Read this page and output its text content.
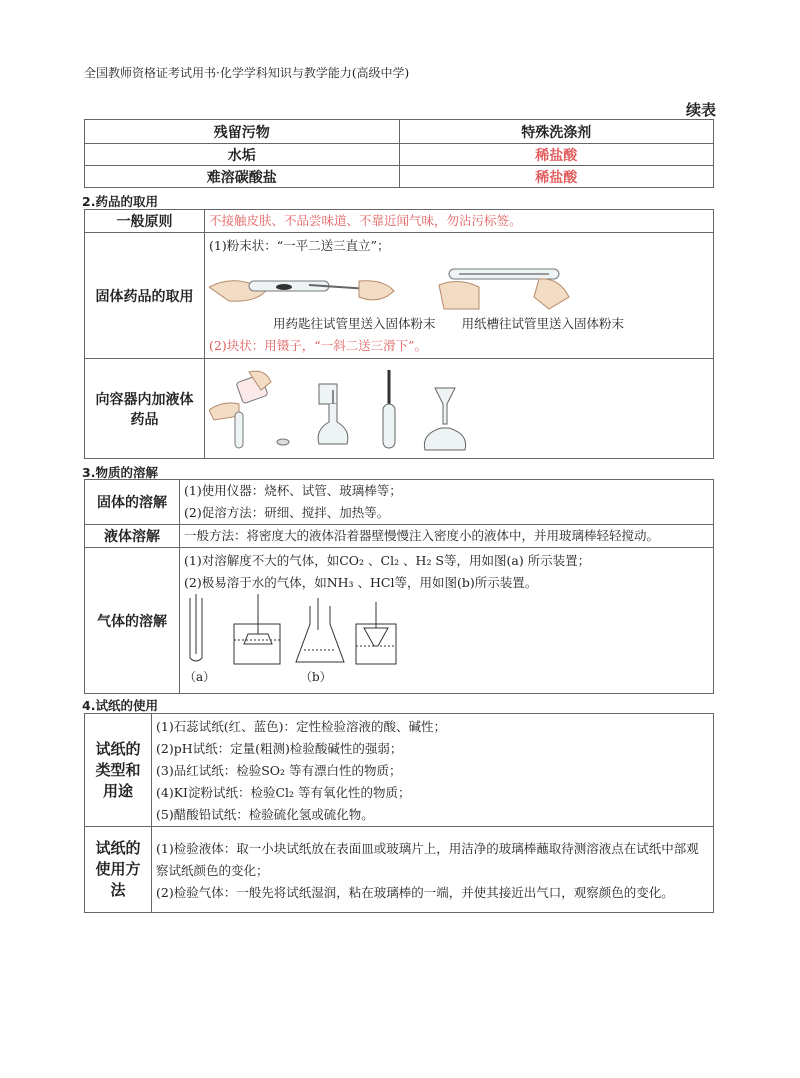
全国教师资格证考试用书·化学学科知识与教学能力(高级中学)
续表
残留污物	特殊洗涤剂
水垢	稀盐酸
难溶碳酸盐	稀盐酸
2.药品的取用
一般原则	不接触皮肤、不品尝味道、不靠近闻气味，勿沾污标签。
固体药品的取用	(1)粉末状：“一平二送三直立”；
用药匙往试管里送入固体粉末 用纸槽往试管里送入固体粉末
(2)块状：用镊子，“一斜二送三滑下”。

向容器内加液体药品	
3.物质的溶解
固体的溶解	(1)使用仪器：烧杯、试管、玻璃棒等；
(2)促溶方法：研细、搅拌、加热等。

液体溶解	一般方法：将密度大的液体沿着器壁慢慢注入密度小的液体中，并用玻璃棒轻轻搅动。
气体的溶解	(1)对溶解度不大的气体，如CO₂ 、Cl₂ 、H₂ S等，用如图(a) 所示装置；
(2)极易溶于水的气体，如NH₃ 、HCl等，用如图(b)所示装置。
（a） （b）
4.试纸的使用
试纸的类型和用途	(1)石蕊试纸(红、蓝色)：定性检验溶液的酸、碱性；
(2)pH试纸：定量(粗测)检验酸碱性的强弱；
(3)品红试纸：检验SO₂ 等有漂白性的物质；
(4)KI淀粉试纸：检验Cl₂ 等有氧化性的物质；
(5)醋酸铅试纸：检验硫化氢或硫化物。

试纸的使用方法	(1)检验液体：取一小块试纸放在表面皿或玻璃片上，用洁净的玻璃棒蘸取待测溶液点在试纸中部观察试纸颜色的变化；
(2)检验气体：一般先将试纸湿润，粘在玻璃棒的一端，并使其接近出气口，观察颜色的变化。
